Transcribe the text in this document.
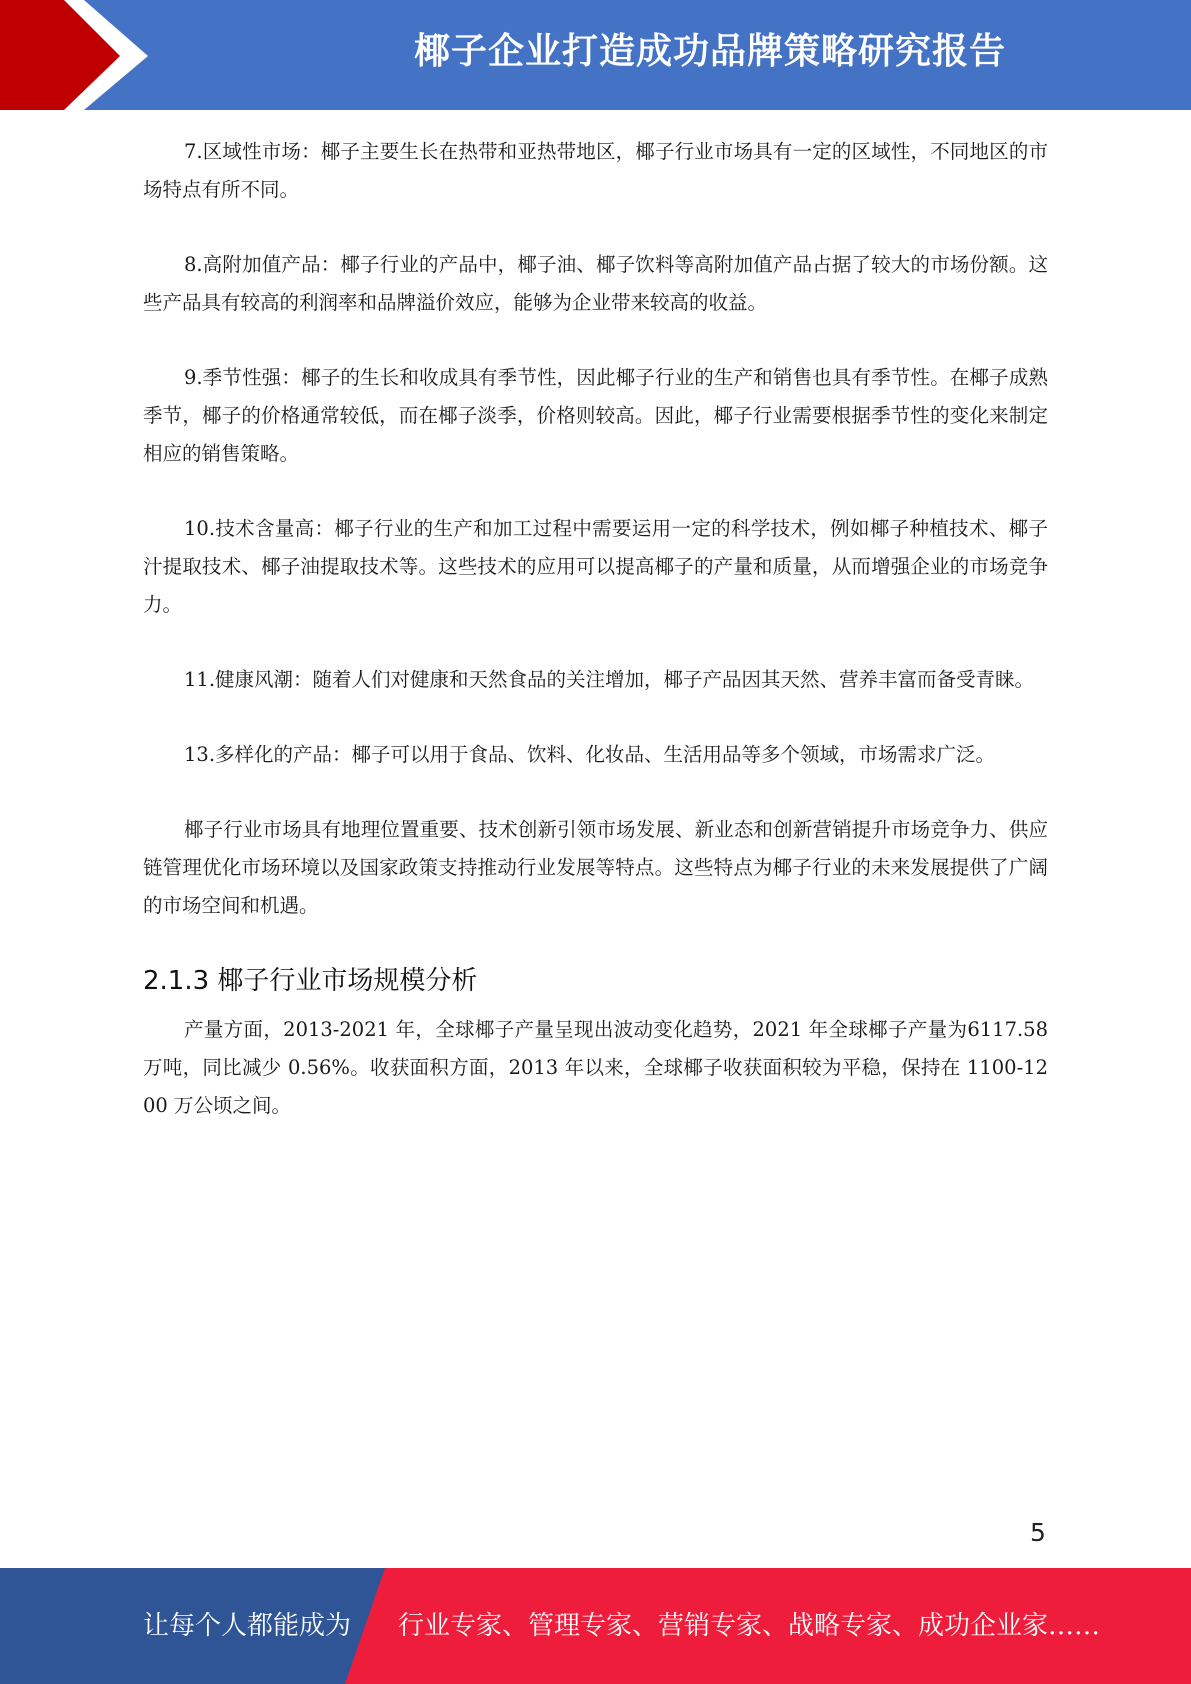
椰子企业打造成功品牌策略研究报告

7.区域性市场：椰子主要生长在热带和亚热带地区，椰子行业市场具有一定的区域性，不同地区的市场特点有所不同。

8.高附加值产品：椰子行业的产品中，椰子油、椰子饮料等高附加值产品占据了较大的市场份额。这些产品具有较高的利润率和品牌溢价效应，能够为企业带来较高的收益。

9.季节性强：椰子的生长和收成具有季节性，因此椰子行业的生产和销售也具有季节性。在椰子成熟季节，椰子的价格通常较低，而在椰子淡季，价格则较高。因此，椰子行业需要根据季节性的变化来制定相应的销售策略。

10.技术含量高：椰子行业的生产和加工过程中需要运用一定的科学技术，例如椰子种植技术、椰子汁提取技术、椰子油提取技术等。这些技术的应用可以提高椰子的产量和质量，从而增强企业的市场竞争力。

11.健康风潮：随着人们对健康和天然食品的关注增加，椰子产品因其天然、营养丰富而备受青睐。

13.多样化的产品：椰子可以用于食品、饮料、化妆品、生活用品等多个领域，市场需求广泛。

椰子行业市场具有地理位置重要、技术创新引领市场发展、新业态和创新营销提升市场竞争力、供应链管理优化市场环境以及国家政策支持推动行业发展等特点。这些特点为椰子行业的未来发展提供了广阔的市场空间和机遇。

2.1.3 椰子行业市场规模分析

产量方面，2013-2021 年，全球椰子产量呈现出波动变化趋势，2021 年全球椰子产量为6117.58 万吨，同比减少 0.56%。收获面积方面，2013 年以来，全球椰子收获面积较为平稳，保持在 1100-1200 万公顷之间。

5
让每个人都能成为 行业专家、管理专家、营销专家、战略专家、成功企业家……
